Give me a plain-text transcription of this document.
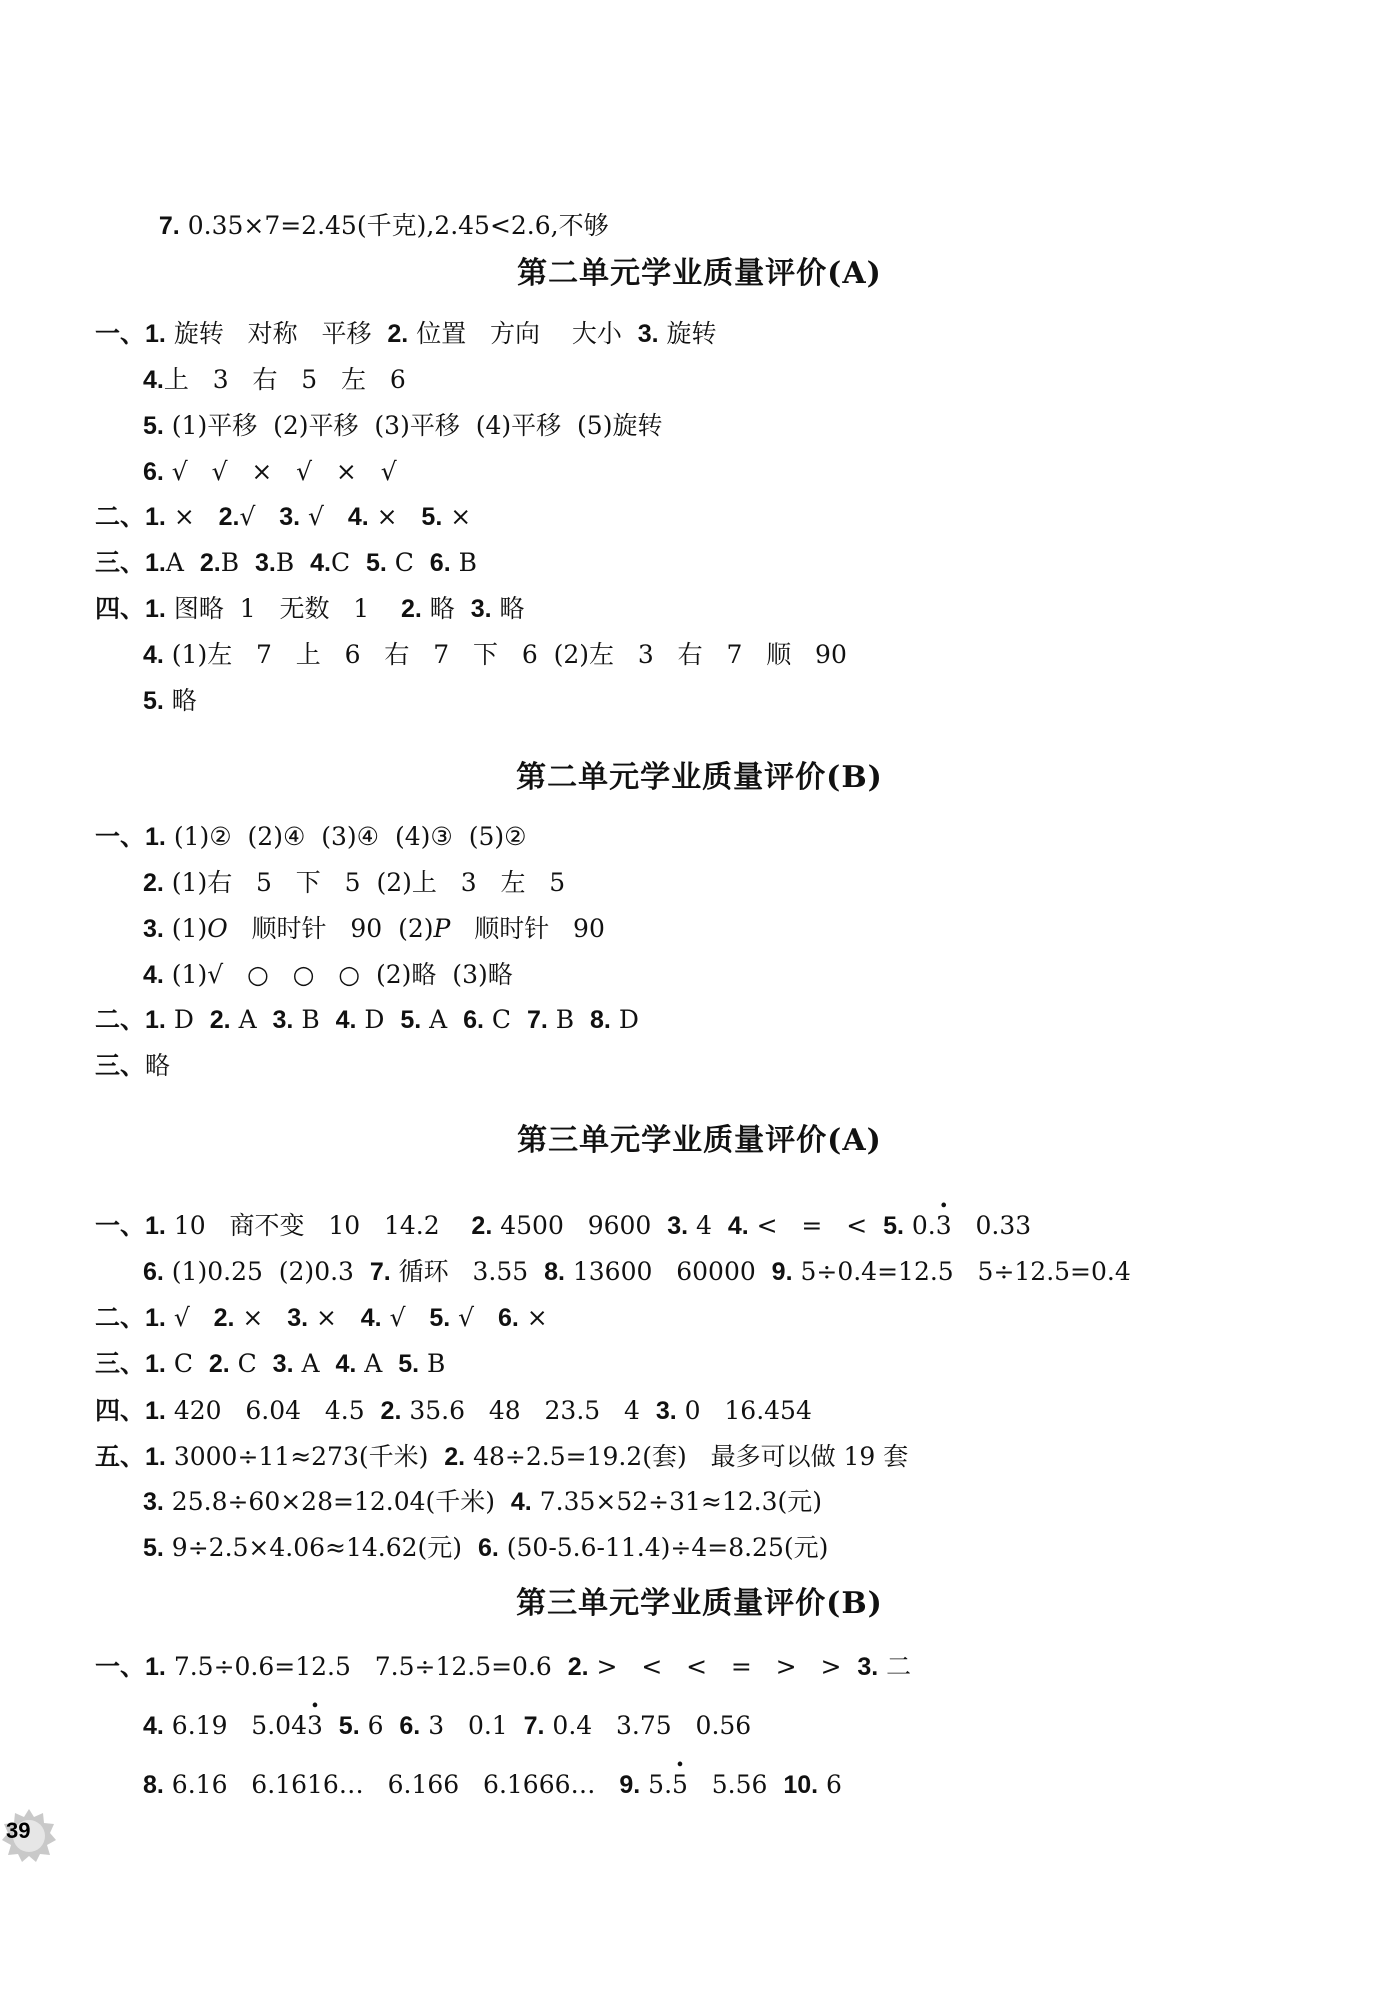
第二单元学业质量评价(A)
一、1. 旋转   对称   平移  2. 位置   方向    大小  3. 旋转
4.上   3   右   5   左   6
5. (1)平移  (2)平移  (3)平移  (4)平移  (5)旋转
6. √   √   ×   √   ×   √
二、1. ×   2.√   3. √   4. ×   5. ×
三、1.A  2.B  3.B  4.C  5. C  6. B
四、1. 图略  1   无数   1    2. 略  3. 略
4. (1)左   7   上   6   右   7   下   6  (2)左   3   右   7   顺   90
5. 略
第二单元学业质量评价(B)
一、1. (1)②  (2)④  (3)④  (4)③  (5)②
2. (1)右   5   下   5  (2)上   3   左   5
3. (1)O   顺时针   90  (2)P   顺时针   90
4. (1)√   ○   ○   ○  (2)略  (3)略
二、1. D  2. A  3. B  4. D  5. A  6. C  7. B  8. D
三、略
第三单元学业质量评价(A)
一、1. 10   商不变   10   14.2    2. 4500   9600  3. 4  4. <   =   <  5. 0.. 3   0.33
6. (1)0.25  (2)0.3  7. 循环   3.55  8. 13600   60000  9. 5÷0.4=12.5   5÷12.5=0.4
二、1. √   2. ×   3. ×   4. √   5. √   6. ×
三、1. C  2. C  3. A  4. A  5. B
四、1. 420   6.04   4.5  2. 35.6   48   23.5   4  3. 0   16.454
五、1. 3000÷11≈273(千米)  2. 48÷2.5=19.2(套)   最多可以做 19 套
3. 25.8÷60×28=12.04(千米)  4. 7.35×52÷31≈12.3(元)
5. 9÷2.5×4.06≈14.62(元)  6. (50-5.6-11.4)÷4=8.25(元)
第三单元学业质量评价(B)
一、1. 7.5÷0.6=12.5   7.5÷12.5=0.6  2. >   <   <   =   >   >  3. 二
4. 6.19   5.04. 3 5. 6  6. 3   0.1  7. 0.4   3.75   0.56
8. 6.16   6.1616…   6.166   6.1666…   9. 5.. 5   5.56  10. 6

7. 0.35×7=2.45(千克),2.45<2.6,不够

39
